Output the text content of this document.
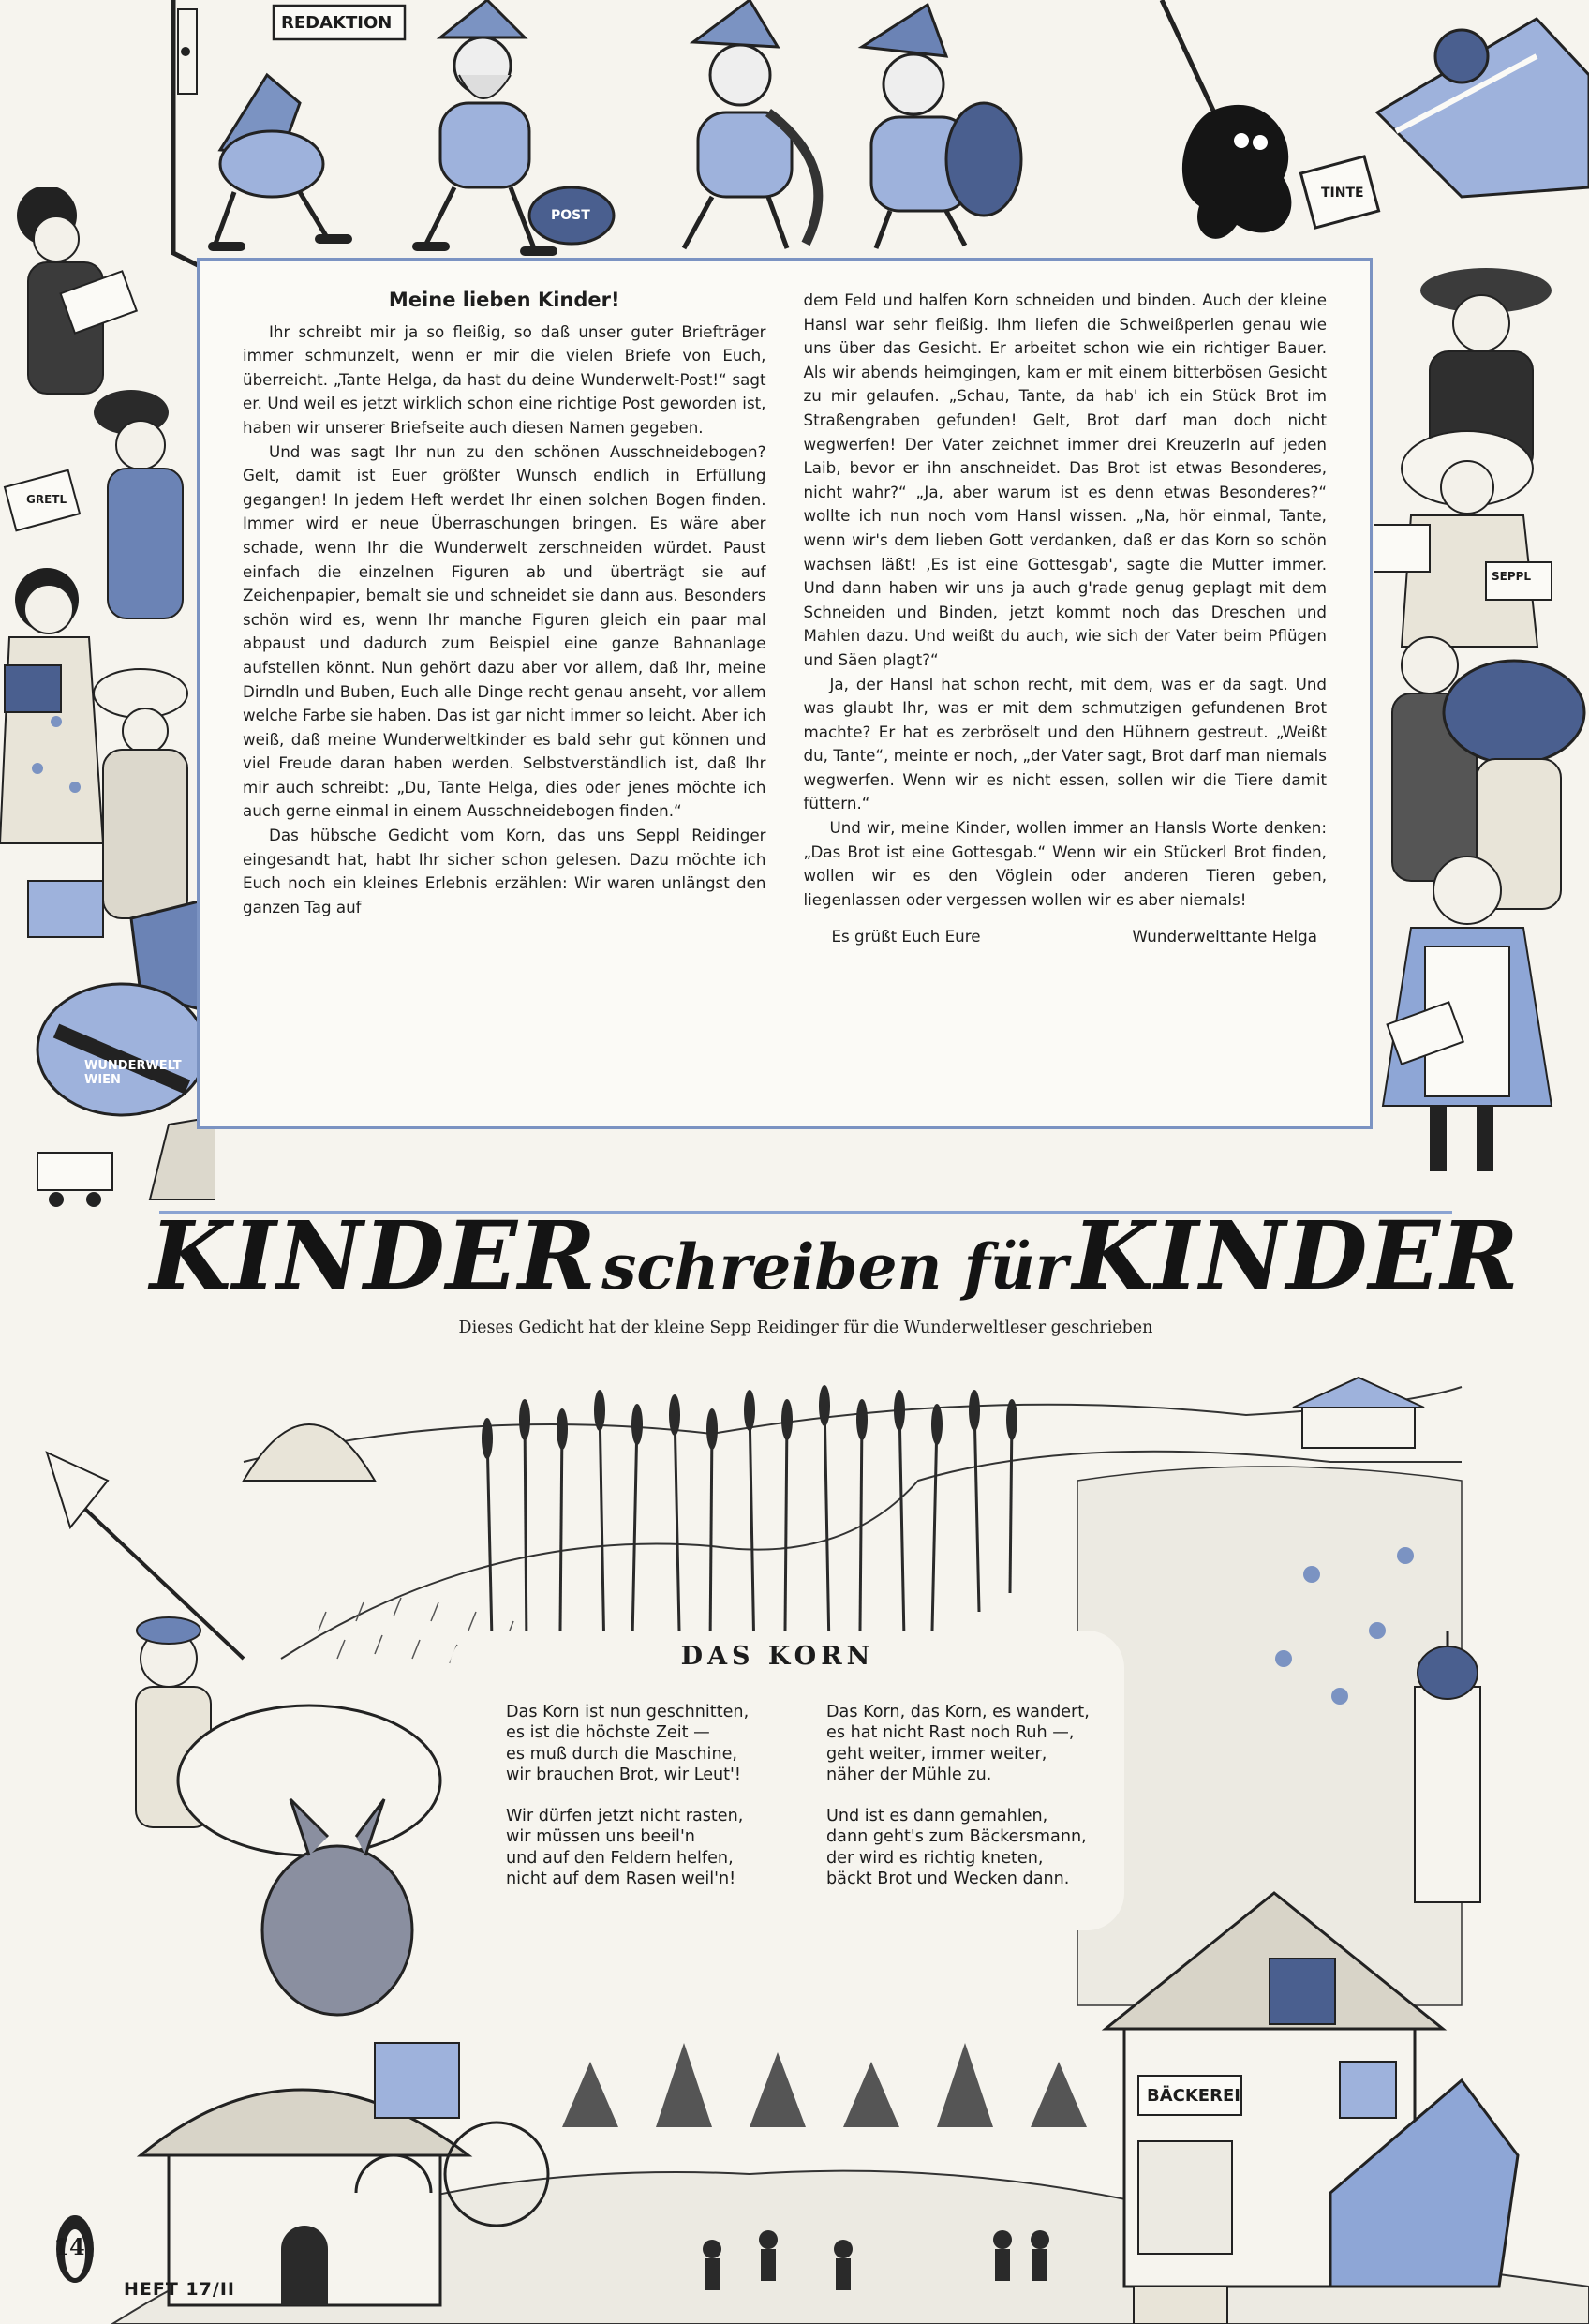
REDAKTION
POST
TINTE
GRETL
WUNDERWELT WIEN
SEPPL
Meine lieben Kinder!

Ihr schreibt mir ja so fleißig, so daß unser guter Briefträger immer schmunzelt, wenn er mir die vielen Briefe von Euch, überreicht. „Tante Helga, da hast du deine Wunderwelt-Post!“ sagt er. Und weil es jetzt wirklich schon eine richtige Post geworden ist, haben wir unserer Briefseite auch diesen Namen gegeben.

Und was sagt Ihr nun zu den schönen Ausschneidebogen? Gelt, damit ist Euer größter Wunsch endlich in Erfüllung gegangen! In jedem Heft werdet Ihr einen solchen Bogen finden. Immer wird er neue Überraschungen bringen. Es wäre aber schade, wenn Ihr die Wunderwelt zerschneiden würdet. Paust einfach die einzelnen Figuren ab und überträgt sie auf Zeichenpapier, bemalt sie und schneidet sie dann aus. Besonders schön wird es, wenn Ihr manche Figuren gleich ein paar mal abpaust und dadurch zum Beispiel eine ganze Bahnanlage aufstellen könnt. Nun gehört dazu aber vor allem, daß Ihr, meine Dirndln und Buben, Euch alle Dinge recht genau anseht, vor allem welche Farbe sie haben. Das ist gar nicht immer so leicht. Aber ich weiß, daß meine Wunderweltkinder es bald sehr gut können und viel Freude daran haben werden. Selbstverständlich ist, daß Ihr mir auch schreibt: „Du, Tante Helga, dies oder jenes möchte ich auch gerne einmal in einem Ausschneidebogen finden.“

Das hübsche Gedicht vom Korn, das uns Seppl Reidinger eingesandt hat, habt Ihr sicher schon gelesen. Dazu möchte ich Euch noch ein kleines Erlebnis erzählen: Wir waren unlängst den ganzen Tag auf

dem Feld und halfen Korn schneiden und binden. Auch der kleine Hansl war sehr fleißig. Ihm liefen die Schweißperlen genau wie uns über das Gesicht. Er arbeitet schon wie ein richtiger Bauer. Als wir abends heimgingen, kam er mit einem bitterbösen Gesicht zu mir gelaufen. „Schau, Tante, da hab' ich ein Stück Brot im Straßengraben gefunden! Gelt, Brot darf man doch nicht wegwerfen! Der Vater zeichnet immer drei Kreuzerln auf jeden Laib, bevor er ihn anschneidet. Das Brot ist etwas Besonderes, nicht wahr?“ „Ja, aber warum ist es denn etwas Besonderes?“ wollte ich nun noch vom Hansl wissen. „Na, hör einmal, Tante, wenn wir's dem lieben Gott verdanken, daß er das Korn so schön wachsen läßt! ‚Es ist eine Gottesgab', sagte die Mutter immer. Und dann haben wir uns ja auch g'rade genug geplagt mit dem Schneiden und Binden, jetzt kommt noch das Dreschen und Mahlen dazu. Und weißt du auch, wie sich der Vater beim Pflügen und Säen plagt?“

Ja, der Hansl hat schon recht, mit dem, was er da sagt. Und was glaubt Ihr, was er mit dem schmutzigen gefundenen Brot machte? Er hat es zerbröselt und den Hühnern gestreut. „Weißt du, Tante“, meinte er noch, „der Vater sagt, Brot darf man niemals wegwerfen. Wenn wir es nicht essen, sollen wir die Tiere damit füttern.“

Und wir, meine Kinder, wollen immer an Hansls Worte denken: „Das Brot ist eine Gottesgab.“ Wenn wir ein Stückerl Brot finden, wollen wir es den Vöglein oder anderen Tieren geben, liegenlassen oder vergessen wollen wir es aber niemals!

Es grüßt Euch Eure	Wunderwelttante Helga
KINDER schreiben für KINDER
Dieses Gedicht hat der kleine Sepp Reidinger für die Wunderweltleser geschrieben
BÄCKEREI
DAS KORN
Das Korn ist nun geschnitten,
es ist die höchste Zeit —
es muß durch die Maschine,
wir brauchen Brot, wir Leut'!
Wir dürfen jetzt nicht rasten,
wir müssen uns beeil'n
und auf den Feldern helfen,
nicht auf dem Rasen weil'n!
Das Korn, das Korn, es wandert,
es hat nicht Rast noch Ruh —,
geht weiter, immer weiter,
näher der Mühle zu.
Und ist es dann gemahlen,
dann geht's zum Bäckersmann,
der wird es richtig kneten,
bäckt Brot und Wecken dann.
14
HEFT 17/II
